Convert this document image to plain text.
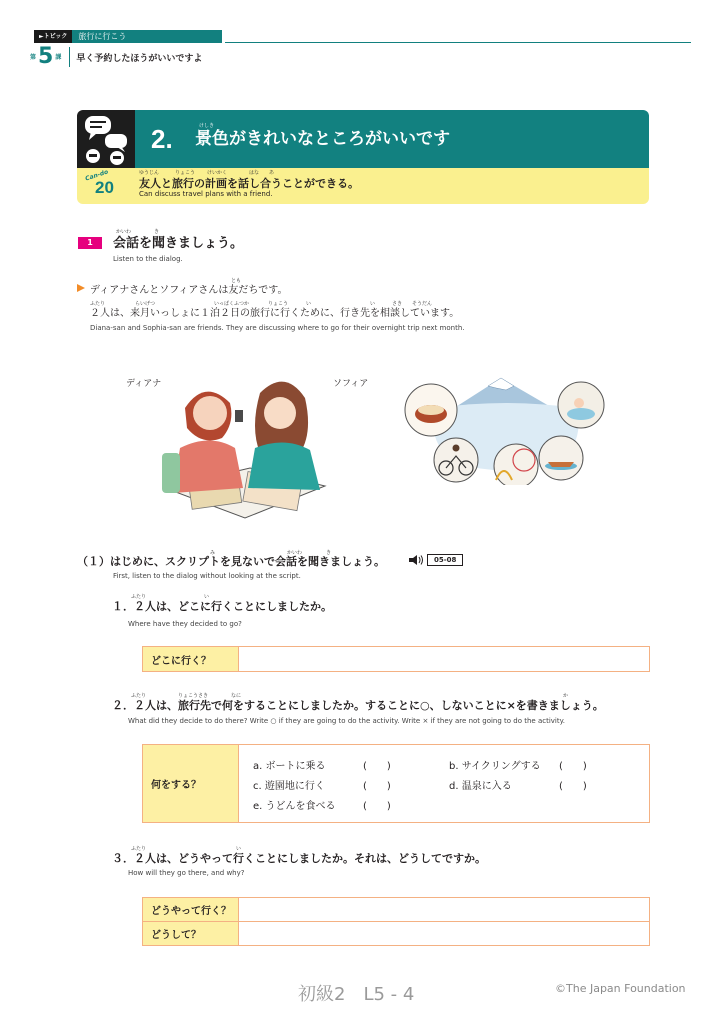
►トピック	旅行に行こう
第 5 課 早く予約したほうがいいですよ
2.	けしき
景色がきれいなところがいいです
Can-do
20
ゆうじん	りょこう けいかく	はな あ
友人と旅行の計画を話し合うことができる。
Can discuss travel plans with a friend.
1
かいわ	き
会話を聞きましょう。
Listen to the dialog.
とも
ディアナさんとソフィアさんは友だちです。
ふたり	らいげつ	いっぱくふつか	りょこう	い	い	さき そうだん
２人は、来月いっしょに１泊２日の旅行に行くために、行き先を相談しています。
Diana-san and Sophia-san are friends. They are discussing where to go for their overnight trip next month.
ディアナ	ソフィア
み	かいわ	き
（１）はじめに、スクリプトを見ないで会話を聞きましょう。	05-08
First, listen to the dialog without looking at the script.
ふたり	い
１．２人は、どこに行くことにしましたか。
Where have they decided to go?
どこに行く？	
ふたり	りょこうさき	なに	か
２．２人は、旅行先で何をすることにしましたか。することに○、しないことに×を書きましょう。
What did they decide to do there? Write ○ if they are going to do the activity. Write × if they are not going to do the activity.
何をする？	
a. ボートに乗る	(　　)	b. サイクリングする	(　　)
c. 遊園地に行く	(　　)	d. 温泉に入る	(　　)
e. うどんを食べる	(　　)
ふたり	い
３．２人は、どうやって行くことにしましたか。それは、どうしてですか。
How will they go there, and why?
どうやって行く？	
どうして？	
初級2　L5 - 4	©The Japan Foundation
